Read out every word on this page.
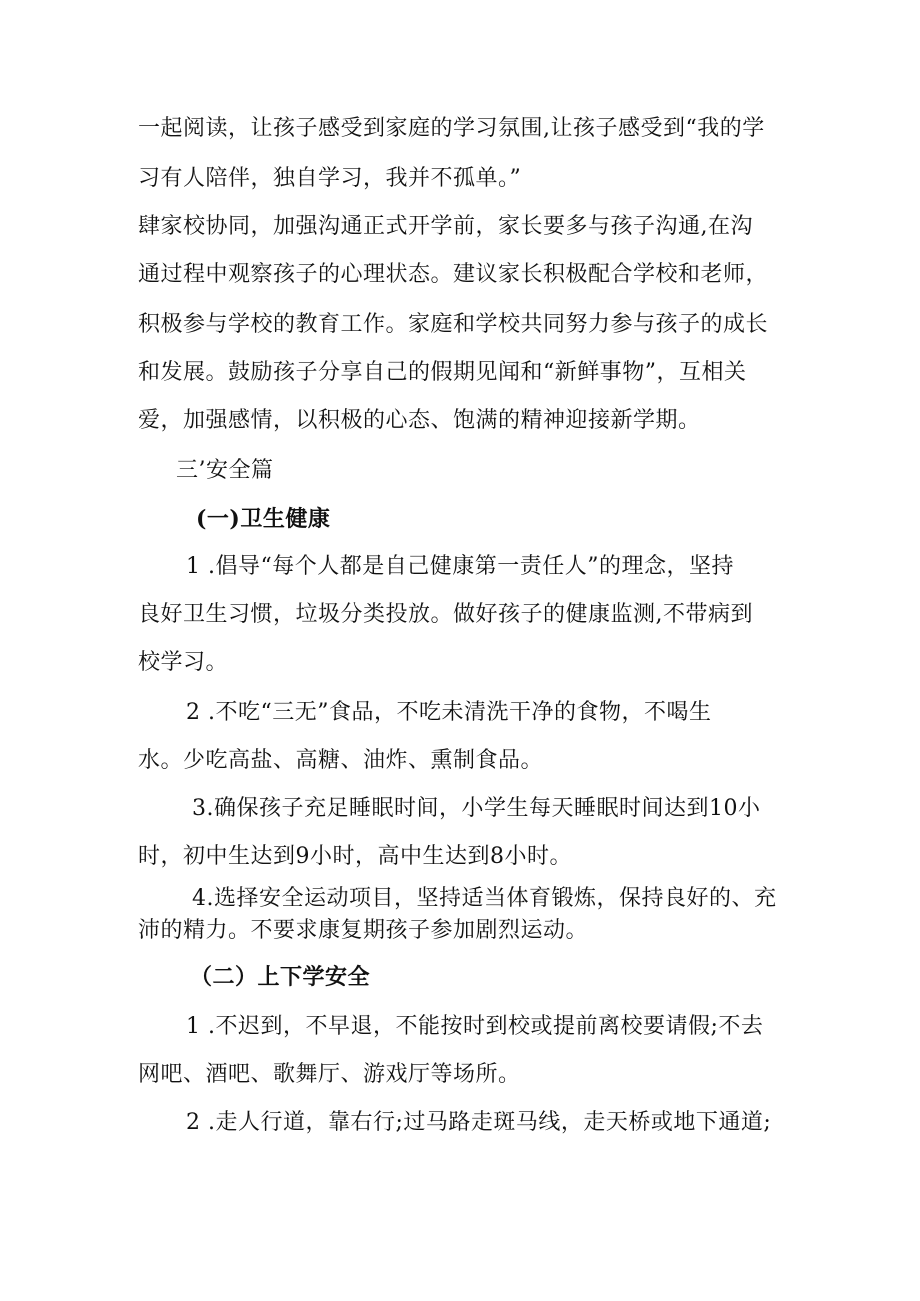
一起阅读，让孩子感受到家庭的学习氛围,让孩子感受到“我的学
习有人陪伴，独自学习，我并不孤单。”
肆家校协同，加强沟通正式开学前，家长要多与孩子沟通,在沟
通过程中观察孩子的心理状态。建议家长积极配合学校和老师，
积极参与学校的教育工作。家庭和学校共同努力参与孩子的成长
和发展。鼓励孩子分享自己的假期见闻和“新鲜事物”，互相关
爱，加强感情，以积极的心态、饱满的精神迎接新学期。
三’安全篇
(一)卫生健康
1 .倡导“每个人都是自己健康第一责任人”的理念，坚持
良好卫生习惯，垃圾分类投放。做好孩子的健康监测,不带病到
校学习。
2 .不吃“三无”食品，不吃未清洗干净的食物，不喝生
水。少吃高盐、高糖、油炸、熏制食品。
3.确保孩子充足睡眠时间，小学生每天睡眠时间达到10小
时，初中生达到9小时，高中生达到8小时。
4.选择安全运动项目，坚持适当体育锻炼，保持良好的、充
沛的精力。不要求康复期孩子参加剧烈运动。
（二）上下学安全
1 .不迟到，不早退，不能按时到校或提前离校要请假;不去
网吧、酒吧、歌舞厅、游戏厅等场所。
2 .走人行道，靠右行;过马路走斑马线，走天桥或地下通道;
